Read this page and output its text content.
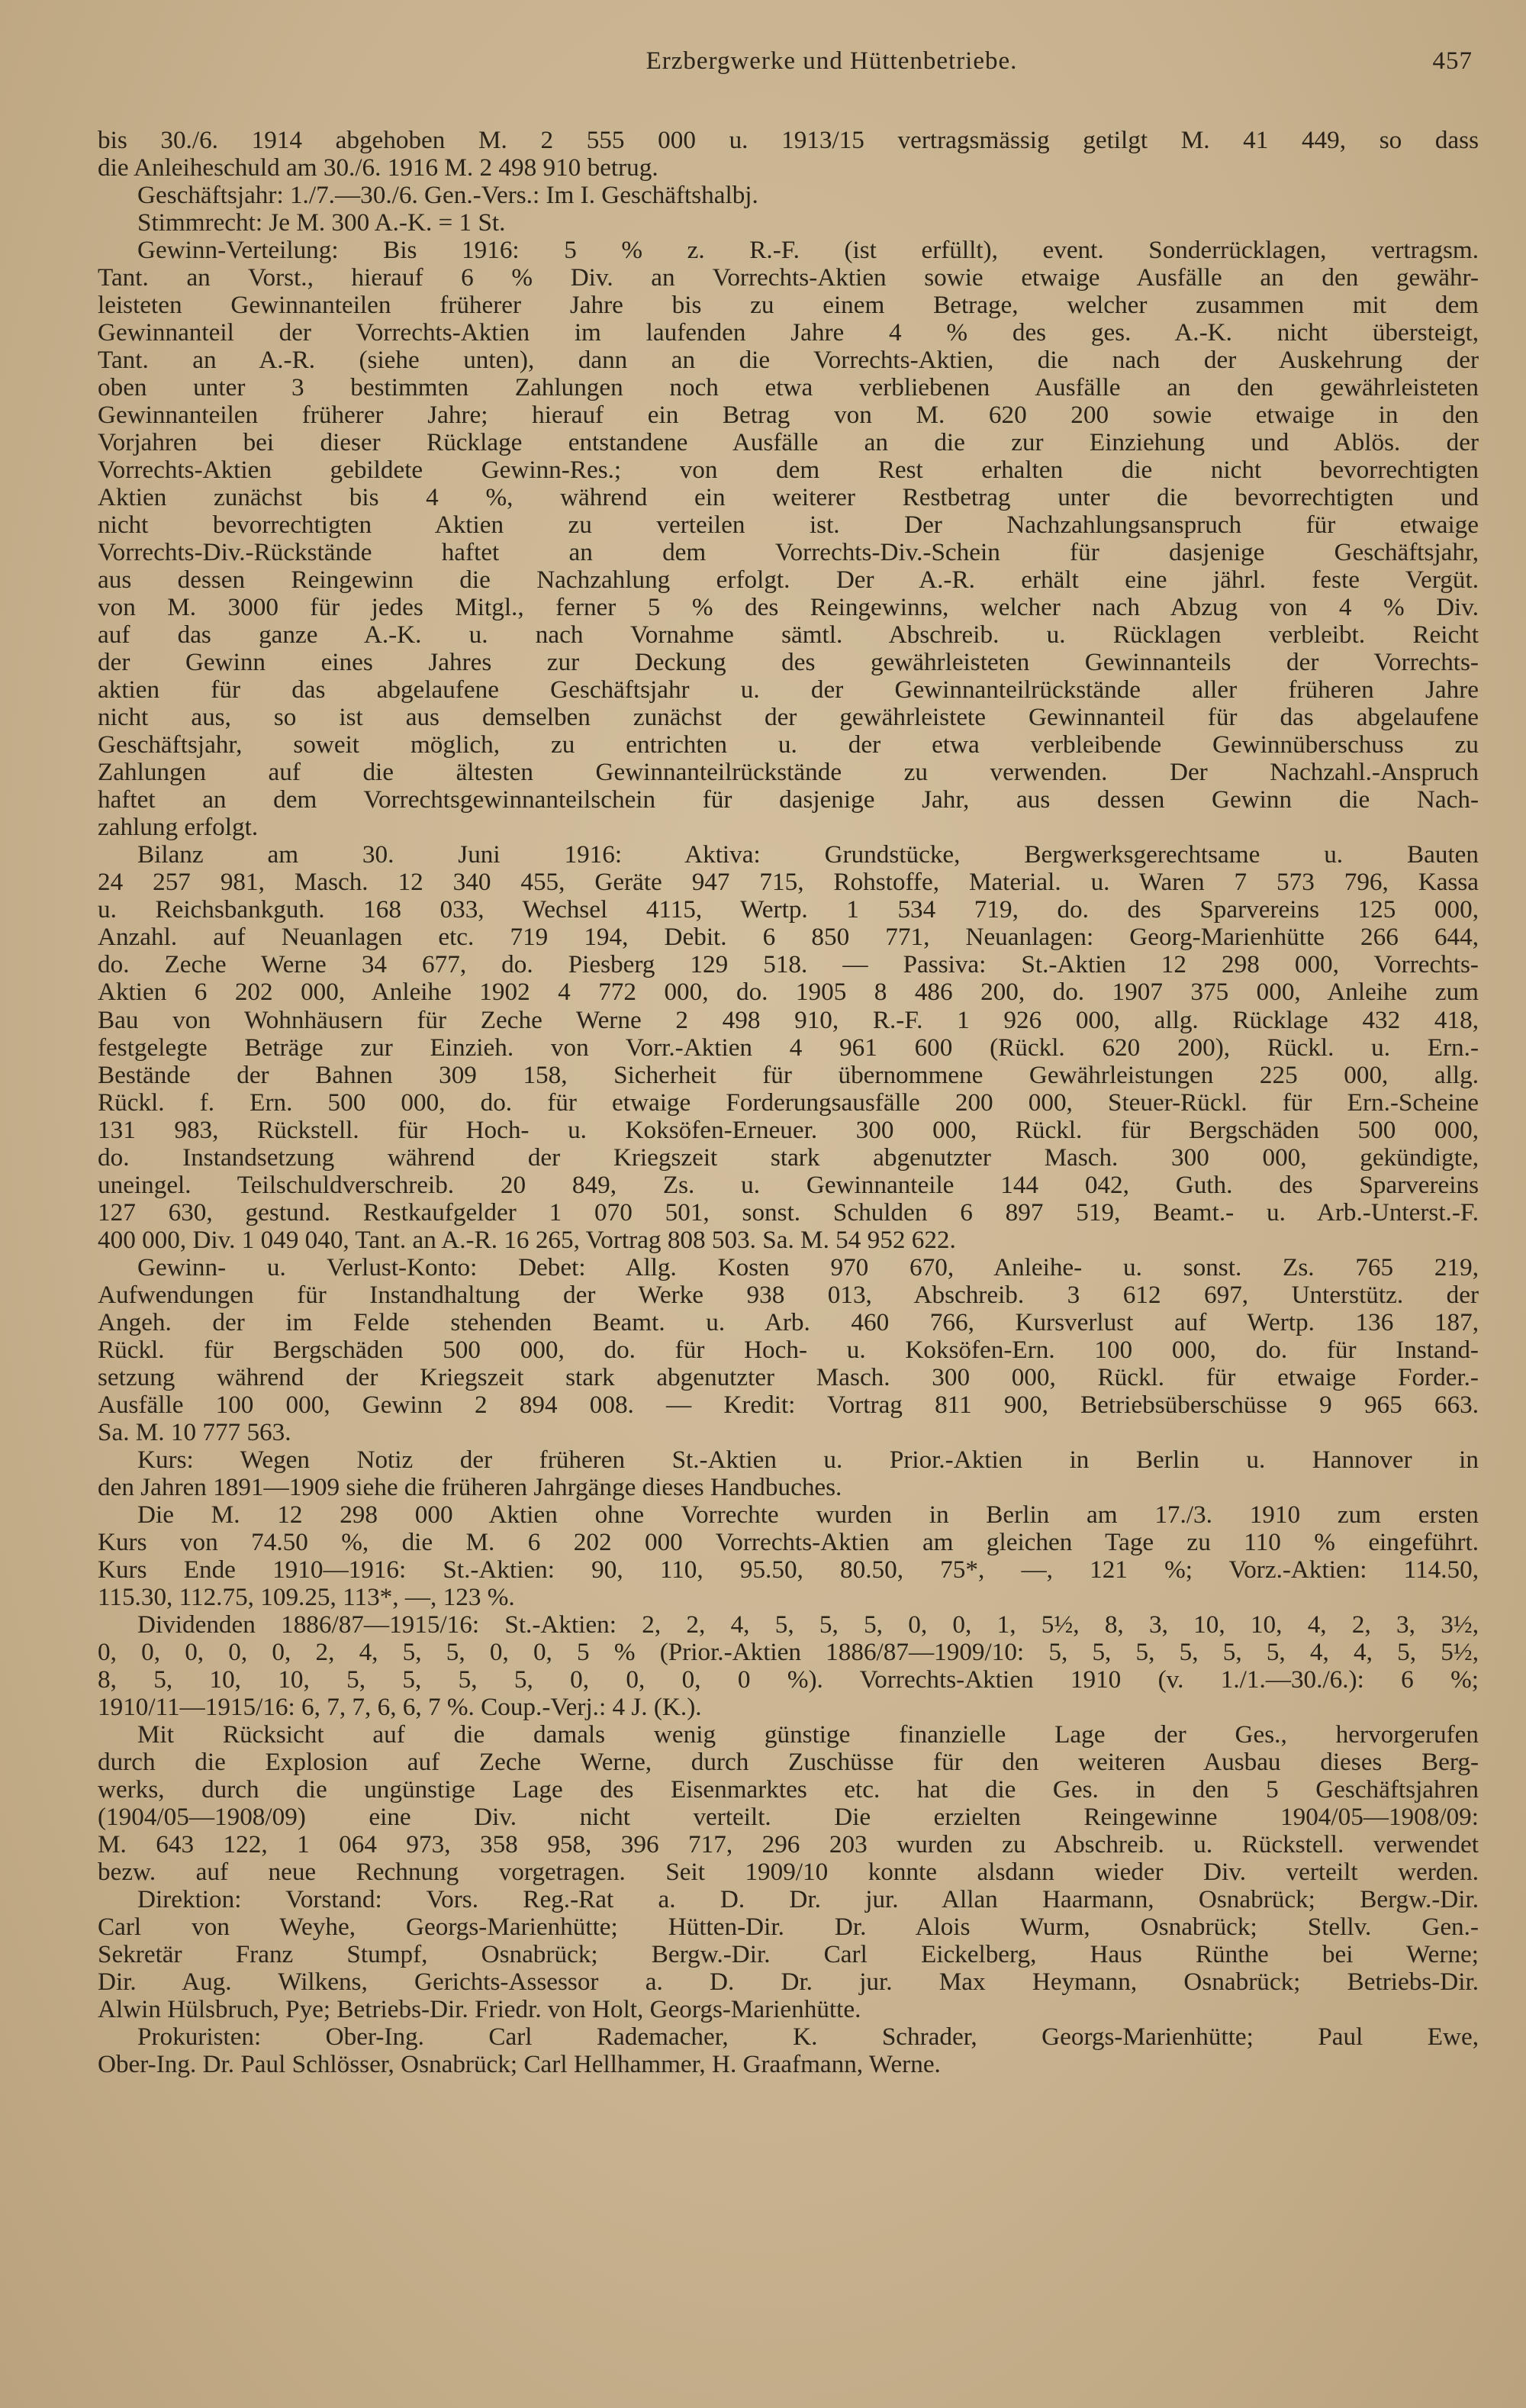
Erzbergwerke und Hüttenbetriebe.	457
bis 30./6. 1914 abgehoben M. 2 555 000 u. 1913/15 vertragsmässig getilgt M. 41 449, so dass
die Anleiheschuld am 30./6. 1916 M. 2 498 910 betrug.
Geschäftsjahr: 1./7.—30./6. Gen.-Vers.: Im I. Geschäftshalbj.
Stimmrecht: Je M. 300 A.-K. = 1 St.
Gewinn-Verteilung: Bis 1916: 5 % z. R.-F. (ist erfüllt), event. Sonderrücklagen, vertragsm.
Tant. an Vorst., hierauf 6 % Div. an Vorrechts-Aktien sowie etwaige Ausfälle an den gewähr-
leisteten Gewinnanteilen früherer Jahre bis zu einem Betrage, welcher zusammen mit dem
Gewinnanteil der Vorrechts-Aktien im laufenden Jahre 4 % des ges. A.-K. nicht übersteigt,
Tant. an A.-R. (siehe unten), dann an die Vorrechts-Aktien, die nach der Auskehrung der
oben unter 3 bestimmten Zahlungen noch etwa verbliebenen Ausfälle an den gewährleisteten
Gewinnanteilen früherer Jahre; hierauf ein Betrag von M. 620 200 sowie etwaige in den
Vorjahren bei dieser Rücklage entstandene Ausfälle an die zur Einziehung und Ablös. der
Vorrechts-Aktien gebildete Gewinn-Res.; von dem Rest erhalten die nicht bevorrechtigten
Aktien zunächst bis 4 %, während ein weiterer Restbetrag unter die bevorrechtigten und
nicht bevorrechtigten Aktien zu verteilen ist. Der Nachzahlungsanspruch für etwaige
Vorrechts-Div.-Rückstände haftet an dem Vorrechts-Div.-Schein für dasjenige Geschäftsjahr,
aus dessen Reingewinn die Nachzahlung erfolgt. Der A.-R. erhält eine jährl. feste Vergüt.
von M. 3000 für jedes Mitgl., ferner 5 % des Reingewinns, welcher nach Abzug von 4 % Div.
auf das ganze A.-K. u. nach Vornahme sämtl. Abschreib. u. Rücklagen verbleibt. Reicht
der Gewinn eines Jahres zur Deckung des gewährleisteten Gewinnanteils der Vorrechts-
aktien für das abgelaufene Geschäftsjahr u. der Gewinnanteilrückstände aller früheren Jahre
nicht aus, so ist aus demselben zunächst der gewährleistete Gewinnanteil für das abgelaufene
Geschäftsjahr, soweit möglich, zu entrichten u. der etwa verbleibende Gewinnüberschuss zu
Zahlungen auf die ältesten Gewinnanteilrückstände zu verwenden. Der Nachzahl.-Anspruch
haftet an dem Vorrechtsgewinnanteilschein für dasjenige Jahr, aus dessen Gewinn die Nach-
zahlung erfolgt.
Bilanz am 30. Juni 1916: Aktiva: Grundstücke, Bergwerksgerechtsame u. Bauten
24 257 981, Masch. 12 340 455, Geräte 947 715, Rohstoffe, Material. u. Waren 7 573 796, Kassa
u. Reichsbankguth. 168 033, Wechsel 4115, Wertp. 1 534 719, do. des Sparvereins 125 000,
Anzahl. auf Neuanlagen etc. 719 194, Debit. 6 850 771, Neuanlagen: Georg-Marienhütte 266 644,
do. Zeche Werne 34 677, do. Piesberg 129 518. — Passiva: St.-Aktien 12 298 000, Vorrechts-
Aktien 6 202 000, Anleihe 1902 4 772 000, do. 1905 8 486 200, do. 1907 375 000, Anleihe zum
Bau von Wohnhäusern für Zeche Werne 2 498 910, R.-F. 1 926 000, allg. Rücklage 432 418,
festgelegte Beträge zur Einzieh. von Vorr.-Aktien 4 961 600 (Rückl. 620 200), Rückl. u. Ern.-
Bestände der Bahnen 309 158, Sicherheit für übernommene Gewährleistungen 225 000, allg.
Rückl. f. Ern. 500 000, do. für etwaige Forderungsausfälle 200 000, Steuer-Rückl. für Ern.-Scheine
131 983, Rückstell. für Hoch- u. Koksöfen-Erneuer. 300 000, Rückl. für Bergschäden 500 000,
do. Instandsetzung während der Kriegszeit stark abgenutzter Masch. 300 000, gekündigte,
uneingel. Teilschuldverschreib. 20 849, Zs. u. Gewinnanteile 144 042, Guth. des Sparvereins
127 630, gestund. Restkaufgelder 1 070 501, sonst. Schulden 6 897 519, Beamt.- u. Arb.-Unterst.-F.
400 000, Div. 1 049 040, Tant. an A.-R. 16 265, Vortrag 808 503. Sa. M. 54 952 622.
Gewinn- u. Verlust-Konto: Debet: Allg. Kosten 970 670, Anleihe- u. sonst. Zs. 765 219,
Aufwendungen für Instandhaltung der Werke 938 013, Abschreib. 3 612 697, Unterstütz. der
Angeh. der im Felde stehenden Beamt. u. Arb. 460 766, Kursverlust auf Wertp. 136 187,
Rückl. für Bergschäden 500 000, do. für Hoch- u. Koksöfen-Ern. 100 000, do. für Instand-
setzung während der Kriegszeit stark abgenutzter Masch. 300 000, Rückl. für etwaige Forder.-
Ausfälle 100 000, Gewinn 2 894 008. — Kredit: Vortrag 811 900, Betriebsüberschüsse 9 965 663.
Sa. M. 10 777 563.
Kurs: Wegen Notiz der früheren St.-Aktien u. Prior.-Aktien in Berlin u. Hannover in
den Jahren 1891—1909 siehe die früheren Jahrgänge dieses Handbuches.
Die M. 12 298 000 Aktien ohne Vorrechte wurden in Berlin am 17./3. 1910 zum ersten
Kurs von 74.50 %, die M. 6 202 000 Vorrechts-Aktien am gleichen Tage zu 110 % eingeführt.
Kurs Ende 1910—1916: St.-Aktien: 90, 110, 95.50, 80.50, 75*, —, 121 %; Vorz.-Aktien: 114.50,
115.30, 112.75, 109.25, 113*, —, 123 %.
Dividenden 1886/87—1915/16: St.-Aktien: 2, 2, 4, 5, 5, 5, 0, 0, 1, 5½, 8, 3, 10, 10, 4, 2, 3, 3½,
0, 0, 0, 0, 0, 2, 4, 5, 5, 0, 0, 5 % (Prior.-Aktien 1886/87—1909/10: 5, 5, 5, 5, 5, 5, 4, 4, 5, 5½,
8, 5, 10, 10, 5, 5, 5, 5, 0, 0, 0, 0 %). Vorrechts-Aktien 1910 (v. 1./1.—30./6.): 6 %;
1910/11—1915/16: 6, 7, 7, 6, 6, 7 %. Coup.-Verj.: 4 J. (K.).
Mit Rücksicht auf die damals wenig günstige finanzielle Lage der Ges., hervorgerufen
durch die Explosion auf Zeche Werne, durch Zuschüsse für den weiteren Ausbau dieses Berg-
werks, durch die ungünstige Lage des Eisenmarktes etc. hat die Ges. in den 5 Geschäftsjahren
(1904/05—1908/09) eine Div. nicht verteilt. Die erzielten Reingewinne 1904/05—1908/09:
M. 643 122, 1 064 973, 358 958, 396 717, 296 203 wurden zu Abschreib. u. Rückstell. verwendet
bezw. auf neue Rechnung vorgetragen. Seit 1909/10 konnte alsdann wieder Div. verteilt werden.
Direktion: Vorstand: Vors. Reg.-Rat a. D. Dr. jur. Allan Haarmann, Osnabrück; Bergw.-Dir.
Carl von Weyhe, Georgs-Marienhütte; Hütten-Dir. Dr. Alois Wurm, Osnabrück; Stellv. Gen.-
Sekretär Franz Stumpf, Osnabrück; Bergw.-Dir. Carl Eickelberg, Haus Rünthe bei Werne;
Dir. Aug. Wilkens, Gerichts-Assessor a. D. Dr. jur. Max Heymann, Osnabrück; Betriebs-Dir.
Alwin Hülsbruch, Pye; Betriebs-Dir. Friedr. von Holt, Georgs-Marienhütte.
Prokuristen: Ober-Ing. Carl Rademacher, K. Schrader, Georgs-Marienhütte; Paul Ewe,
Ober-Ing. Dr. Paul Schlösser, Osnabrück; Carl Hellhammer, H. Graafmann, Werne.
